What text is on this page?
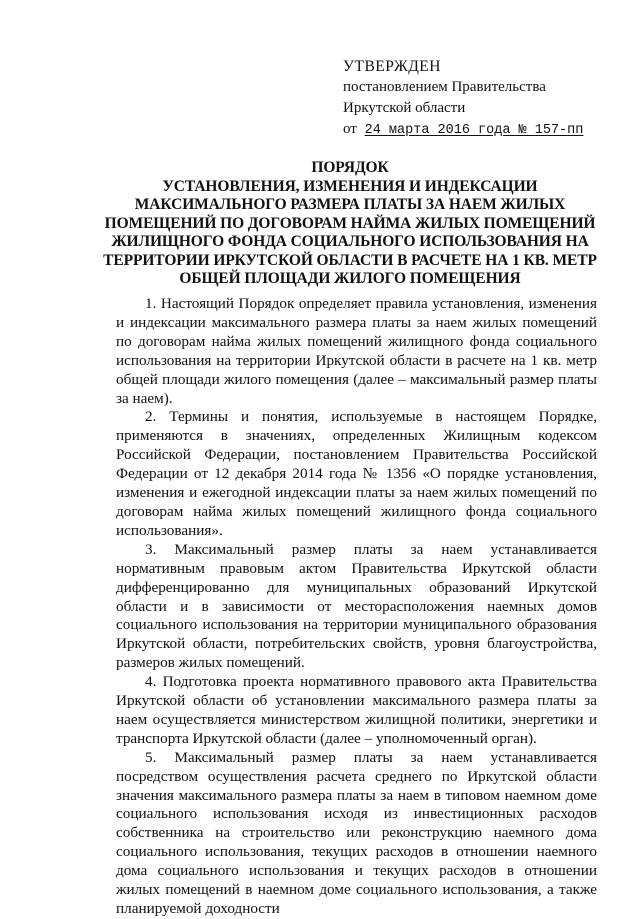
УТВЕРЖДЕН
постановлением Правительства
Иркутской области
от 24 марта 2016 года № 157-пп
ПОРЯДОК
УСТАНОВЛЕНИЯ, ИЗМЕНЕНИЯ И ИНДЕКСАЦИИ
МАКСИМАЛЬНОГО РАЗМЕРА ПЛАТЫ ЗА НАЕМ ЖИЛЫХ
ПОМЕЩЕНИЙ ПО ДОГОВОРАМ НАЙМА ЖИЛЫХ ПОМЕЩЕНИЙ
ЖИЛИЩНОГО ФОНДА СОЦИАЛЬНОГО ИСПОЛЬЗОВАНИЯ НА
ТЕРРИТОРИИ ИРКУТСКОЙ ОБЛАСТИ В РАСЧЕТЕ НА 1 КВ. МЕТР
ОБЩЕЙ ПЛОЩАДИ ЖИЛОГО ПОМЕЩЕНИЯ

1. Настоящий Порядок определяет правила установления, изменения и индексации максимального размера платы за наем жилых помещений по договорам найма жилых помещений жилищного фонда социального использования на территории Иркутской области в расчете на 1 кв. метр общей площади жилого помещения (далее – максимальный размер платы за наем).

2. Термины и понятия, используемые в настоящем Порядке, применяются в значениях, определенных Жилищным кодексом Российской Федерации, постановлением Правительства Российской Федерации от 12 декабря 2014 года № 1356 «О порядке установления, изменения и ежегодной индексации платы за наем жилых помещений по договорам найма жилых помещений жилищного фонда социального использования».

3. Максимальный размер платы за наем устанавливается нормативным правовым актом Правительства Иркутской области дифференцированно для муниципальных образований Иркутской области и в зависимости от месторасположения наемных домов социального использования на территории муниципального образования Иркутской области, потребительских свойств, уровня благоустройства, размеров жилых помещений.

4. Подготовка проекта нормативного правового акта Правительства Иркутской области об установлении максимального размера платы за наем осуществляется министерством жилищной политики, энергетики и транспорта Иркутской области (далее – уполномоченный орган).

5. Максимальный размер платы за наем устанавливается посредством осуществления расчета среднего по Иркутской области значения максимального размера платы за наем в типовом наемном доме социального использования исходя из инвестиционных расходов собственника на строительство или реконструкцию наемного дома социального использования, текущих расходов в отношении наемного дома социального использования и текущих расходов в отношении жилых помещений в наемном доме социального использования, а также планируемой доходности
